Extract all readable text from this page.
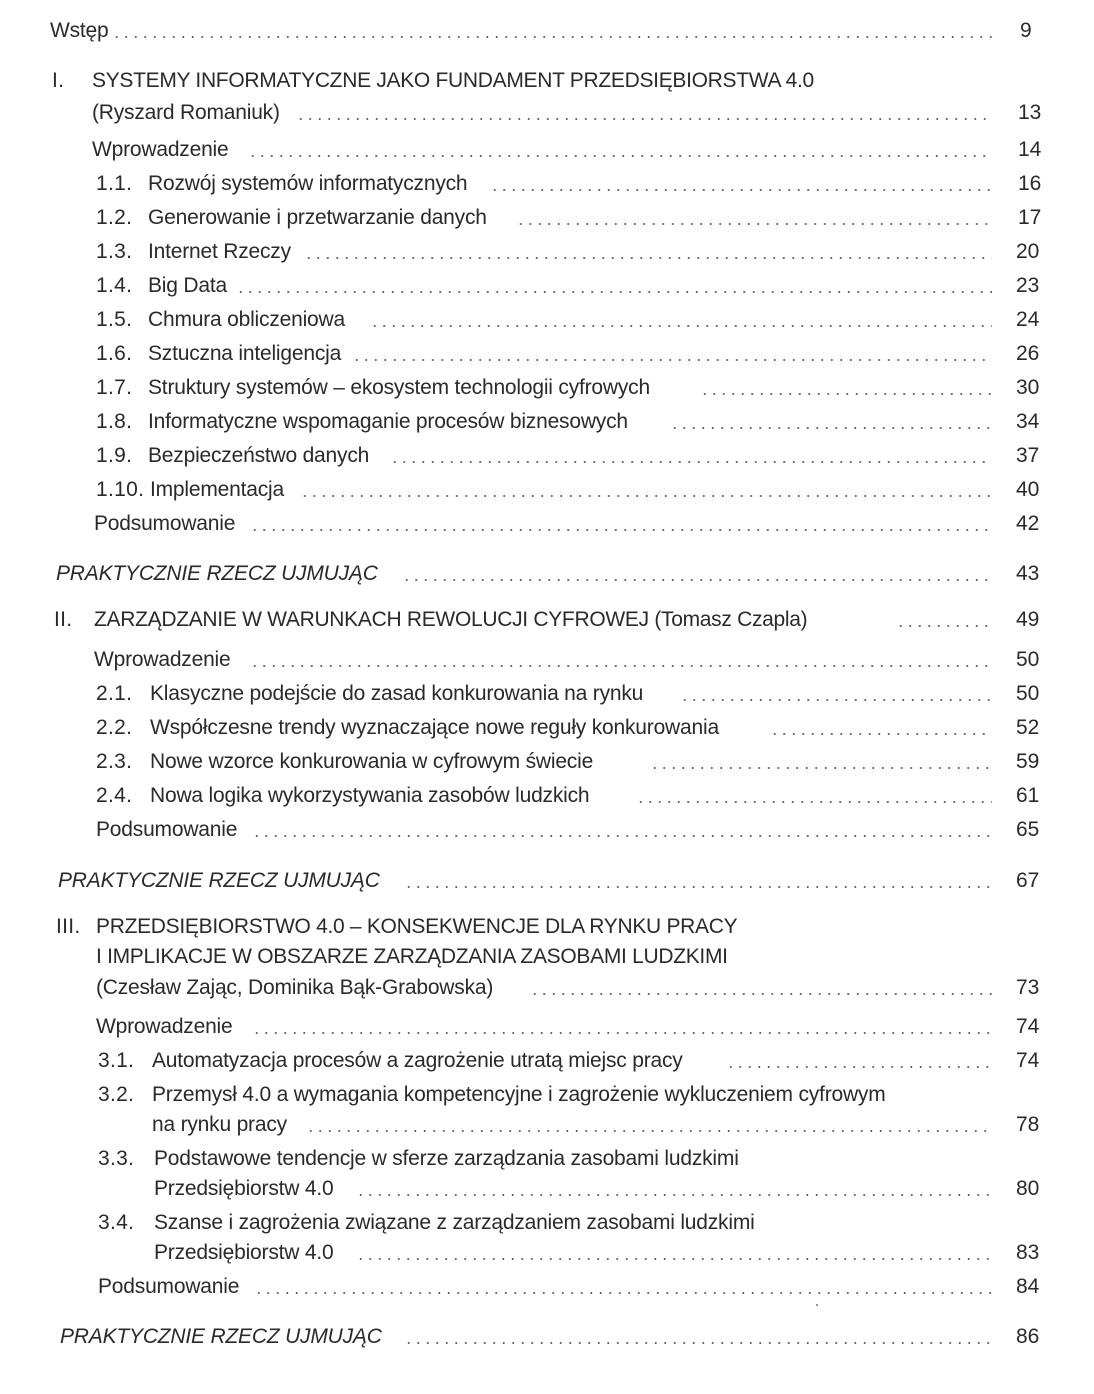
Wstęp	9
I. SYSTEMY INFORMATYCZNE JAKO FUNDAMENT PRZEDSIĘBIORSTWA 4.0
(Ryszard Romaniuk)	13
Wprowadzenie	14
1.1. Rozwój systemów informatycznych	16
1.2. Generowanie i przetwarzanie danych	17
1.3. Internet Rzeczy	20
1.4. Big Data	23
1.5. Chmura obliczeniowa	24
1.6. Sztuczna inteligencja	26
1.7. Struktury systemów – ekosystem technologii cyfrowych	30
1.8. Informatyczne wspomaganie procesów biznesowych	34
1.9. Bezpieczeństwo danych	37
1.10. Implementacja	40
Podsumowanie	42
PRAKTYCZNIE RZECZ UJMUJĄC	43
II. ZARZĄDZANIE W WARUNKACH REWOLUCJI CYFROWEJ (Tomasz Czapla)	49
Wprowadzenie	50
2.1. Klasyczne podejście do zasad konkurowania na rynku	50
2.2. Współczesne trendy wyznaczające nowe reguły konkurowania	52
2.3. Nowe wzorce konkurowania w cyfrowym świecie	59
2.4. Nowa logika wykorzystywania zasobów ludzkich	61
Podsumowanie	65
PRAKTYCZNIE RZECZ UJMUJĄC	67
III. PRZEDSIĘBIORSTWO 4.0 – KONSEKWENCJE DLA RYNKU PRACY
I IMPLIKACJE W OBSZARZE ZARZĄDZANIA ZASOBAMI LUDZKIMI
(Czesław Zając, Dominika Bąk-Grabowska)	73
Wprowadzenie	74
3.1. Automatyzacja procesów a zagrożenie utratą miejsc pracy	74
3.2. Przemysł 4.0 a wymagania kompetencyjne i zagrożenie wykluczeniem cyfrowym
na rynku pracy	78
3.3. Podstawowe tendencje w sferze zarządzania zasobami ludzkimi
Przedsiębiorstw 4.0	80
3.4. Szanse i zagrożenia związane z zarządzaniem zasobami ludzkimi
Przedsiębiorstw 4.0	83
Podsumowanie	84
PRAKTYCZNIE RZECZ UJMUJĄC	86
